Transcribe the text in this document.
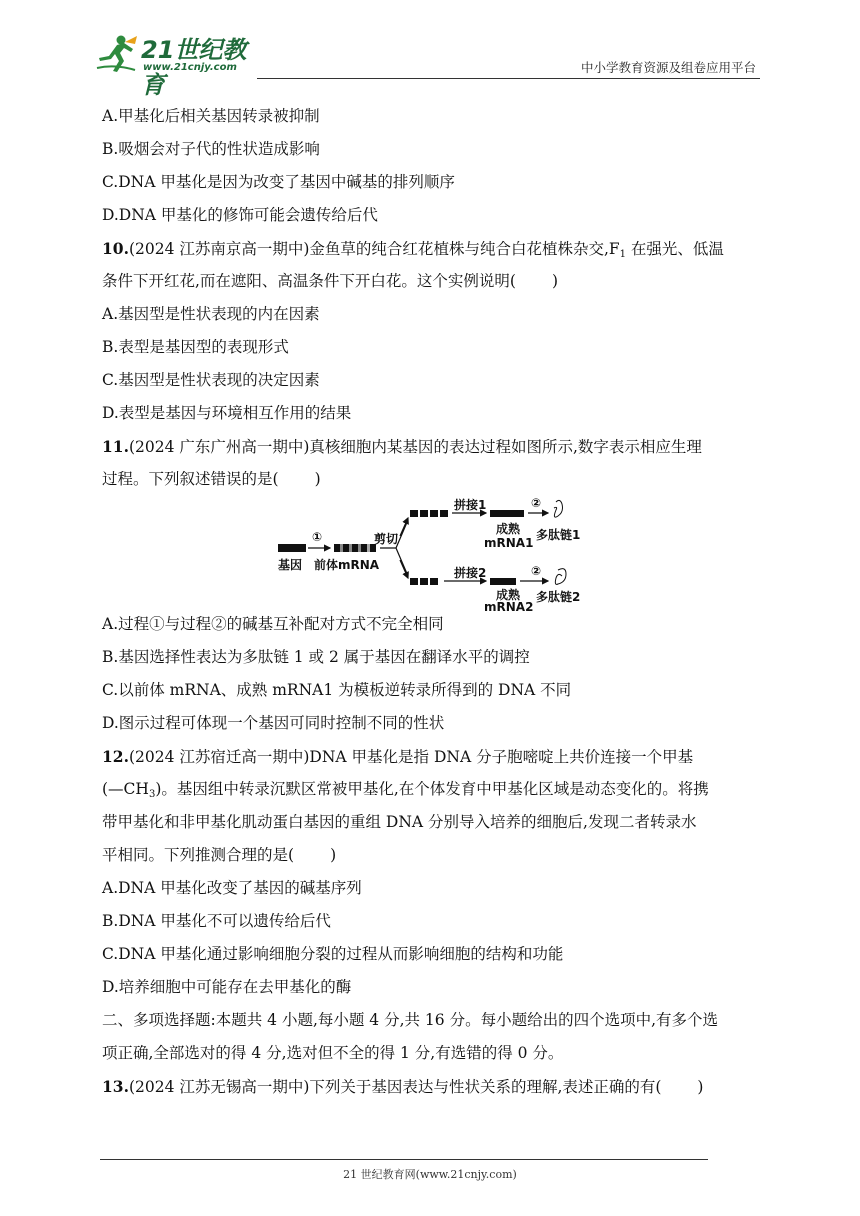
21世纪教育
www.21cnjy.com	中小学教育资源及组卷应用平台
A.甲基化后相关基因转录被抑制
B.吸烟会对子代的性状造成影响
C.DNA 甲基化是因为改变了基因中碱基的排列顺序
D.DNA 甲基化的修饰可能会遗传给后代
10.(2024 江苏南京高一期中)金鱼草的纯合红花植株与纯合白花植株杂交$,F_1$ 在强光、低温
条件下开红花,而在遮阳、高温条件下开白花。这个实例说明( )
A.基因型是性状表现的内在因素
B.表型是基因型的表现形式
C.基因型是性状表现的决定因素
D.表型是基因与环境相互作用的结果
11.(2024 广东广州高一期中)真核细胞内某基因的表达过程如图所示,数字表示相应生理
过程。下列叙述错误的是( )
基因
①
前体mRNA
剪切
拼接1
拼接2
成熟
mRNA1
成熟
mRNA2
②
②
多肽链1
多肽链2
A.过程①与过程②的碱基互补配对方式不完全相同
B.基因选择性表达为多肽链 1 或 2 属于基因在翻译水平的调控
C.以前体 mRNA、成熟 mRNA1 为模板逆转录所得到的 DNA 不同
D.图示过程可体现一个基因可同时控制不同的性状
12.(2024 江苏宿迁高一期中)DNA 甲基化是指 DNA 分子胞嘧啶上共价连接一个甲基
$(—CH_3)$。基因组中转录沉默区常被甲基化,在个体发育中甲基化区域是动态变化的。将携
带甲基化和非甲基化肌动蛋白基因的重组 DNA 分别导入培养的细胞后,发现二者转录水
平相同。下列推测合理的是( )
A.DNA 甲基化改变了基因的碱基序列
B.DNA 甲基化不可以遗传给后代
C.DNA 甲基化通过影响细胞分裂的过程从而影响细胞的结构和功能
D.培养细胞中可能存在去甲基化的酶
二、多项选择题:本题共 4 小题,每小题 4 分,共 16 分。每小题给出的四个选项中,有多个选
项正确,全部选对的得 4 分,选对但不全的得 1 分,有选错的得 0 分。
13.(2024 江苏无锡高一期中)下列关于基因表达与性状关系的理解,表述正确的有( )
21 世纪教育网(www.21cnjy.com)
